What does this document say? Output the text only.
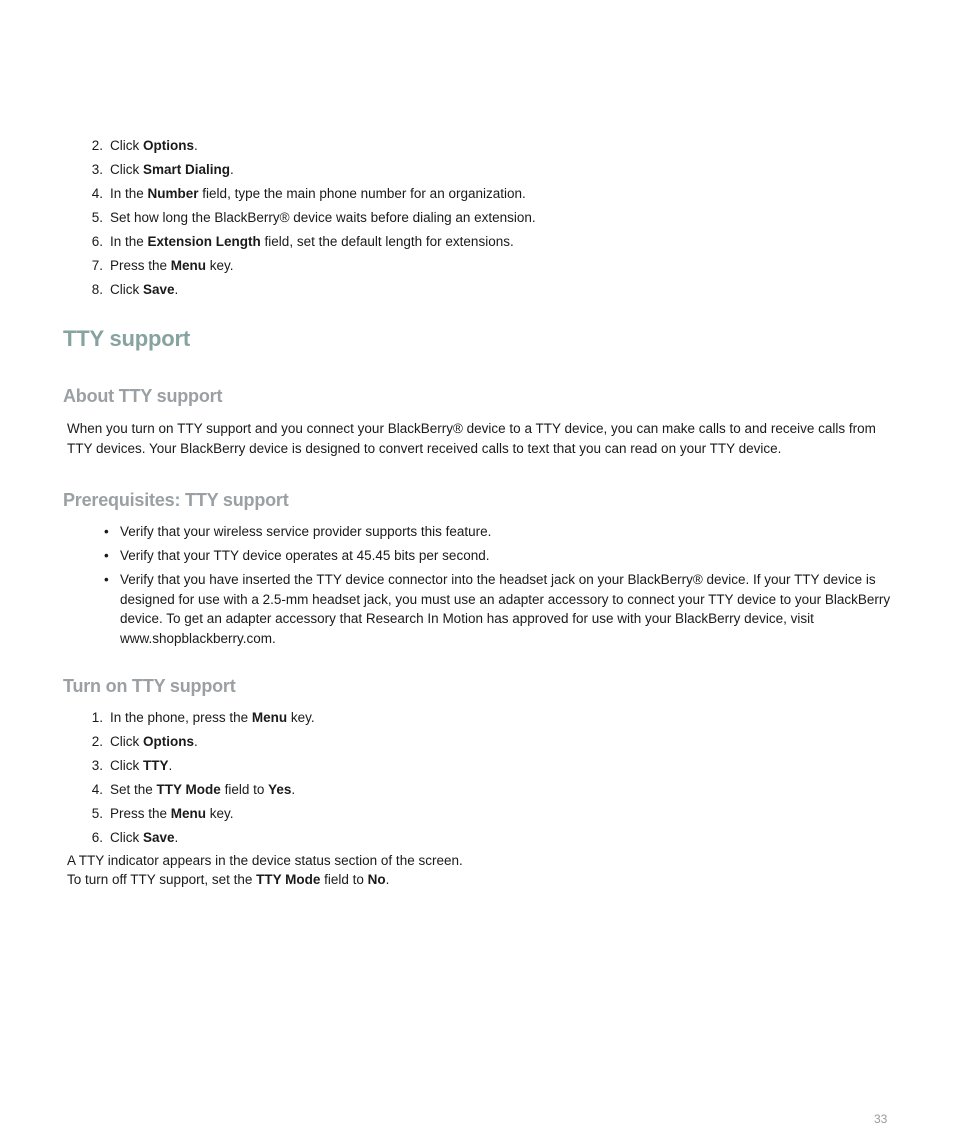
2. Click Options.
3. Click Smart Dialing.
4. In the Number field, type the main phone number for an organization.
5. Set how long the BlackBerry® device waits before dialing an extension.
6. In the Extension Length field, set the default length for extensions.
7. Press the Menu key.
8. Click Save.
TTY support
About TTY support
When you turn on TTY support and you connect your BlackBerry® device to a TTY device, you can make calls to and receive calls from TTY devices. Your BlackBerry device is designed to convert received calls to text that you can read on your TTY device.
Prerequisites: TTY support
• Verify that your wireless service provider supports this feature.
• Verify that your TTY device operates at 45.45 bits per second.
• Verify that you have inserted the TTY device connector into the headset jack on your BlackBerry® device. If your TTY device is designed for use with a 2.5-mm headset jack, you must use an adapter accessory to connect your TTY device to your BlackBerry device. To get an adapter accessory that Research In Motion has approved for use with your BlackBerry device, visit www.shopblackberry.com.
Turn on TTY support
1. In the phone, press the Menu key.
2. Click Options.
3. Click TTY.
4. Set the TTY Mode field to Yes.
5. Press the Menu key.
6. Click Save.
A TTY indicator appears in the device status section of the screen.
To turn off TTY support, set the TTY Mode field to No.
33
